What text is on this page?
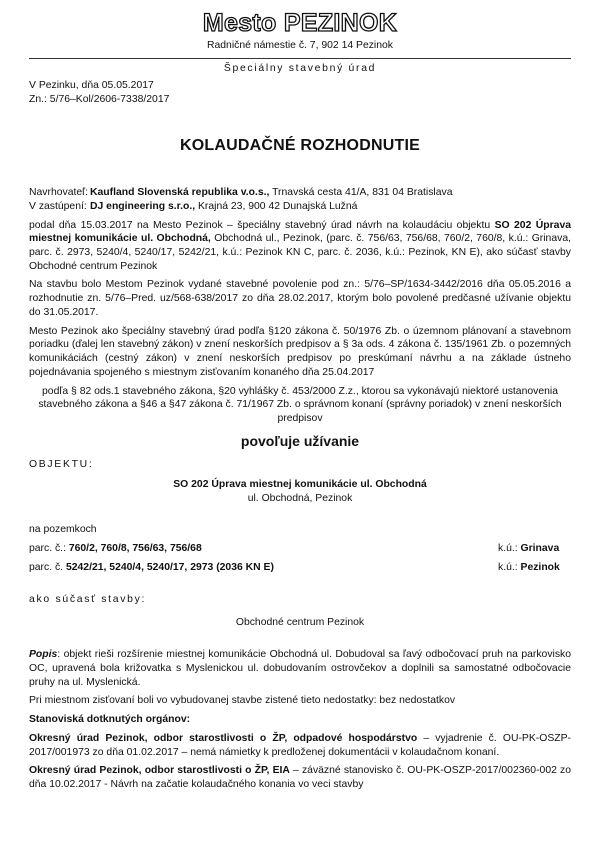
Mesto PEZINOK
Radničné námestie č. 7, 902 14 Pezinok
Špeciálny stavebný úrad
V Pezinku, dňa 05.05.2017
Zn.: 5/76–Kol/2606-7338/2017
KOLAUDAČNÉ ROZHODNUTIE
Navrhovateľ: Kaufland Slovenská republika v.o.s., Trnavská cesta 41/A, 831 04 Bratislava
V zastúpení: DJ engineering s.r.o., Krajná 23, 900 42 Dunajská Lužná

podal dňa 15.03.2017 na Mesto Pezinok – špeciálny stavebný úrad návrh na kolaudáciu objektu SO 202 Úprava miestnej komunikácie ul. Obchodná, Obchodná ul., Pezinok, (parc. č. 756/63, 756/68, 760/2, 760/8, k.ú.: Grinava, parc. č. 2973, 5240/4, 5240/17, 5242/21, k.ú.: Pezinok KN C, parc. č. 2036, k.ú.: Pezinok, KN E), ako súčasť stavby Obchodné centrum Pezinok

Na stavbu bolo Mestom Pezinok vydané stavebné povolenie pod zn.: 5/76–SP/1634-3442/2016 dňa 05.05.2016 a rozhodnutie zn. 5/76–Pred. uz/568-638/2017 zo dňa 28.02.2017, ktorým bolo povolené predčasné užívanie objektu do 31.05.2017.

Mesto Pezinok ako špeciálny stavebný úrad podľa §120 zákona č. 50/1976 Zb. o územnom plánovaní a stavebnom poriadku (ďalej len stavebný zákon) v znení neskorších predpisov a § 3a ods. 4 zákona č. 135/1961 Zb. o pozemných komunikáciách (cestný zákon) v znení neskorších predpisov po preskúmaní návrhu a na základe ústneho pojednávania spojeného s miestnym zisťovaním konaného dňa 25.04.2017

podľa § 82 ods.1 stavebného zákona, §20 vyhlášky č. 453/2000 Z.z., ktorou sa vykonávajú niektoré ustanovenia stavebného zákona a §46 a §47 zákona č. 71/1967 Zb. o správnom konaní (správny poriadok) v znení neskorších predpisov

povoľuje užívanie
OBJEKTU:
SO 202 Úprava miestnej komunikácie ul. Obchodná
ul. Obchodná, Pezinok
na pozemkoch
parc. č.: 760/2, 760/8, 756/63, 756/68	k.ú.: Grinava
parc. č. 5242/21, 5240/4, 5240/17, 2973 (2036 KN E)	k.ú.: Pezinok
ako súčasť stavby:
Obchodné centrum Pezinok

Popis: objekt rieši rozšírenie miestnej komunikácie Obchodná ul. Dobudoval sa ľavý odbočovací pruh na parkovisko OC, upravená bola križovatka s Myslenickou ul. dobudovaním ostrovčekov a doplnili sa samostatné odbočovacie pruhy na ul. Myslenická.

Pri miestnom zisťovaní boli vo vybudovanej stavbe zistené tieto nedostatky: bez nedostatkov

Stanoviská dotknutých orgánov:

Okresný úrad Pezinok, odbor starostlivosti o ŽP, odpadové hospodárstvo – vyjadrenie č. OU-PK-OSZP-2017/001973 zo dňa 01.02.2017 – nemá námietky k predloženej dokumentácii v kolaudačnom konaní.

Okresný úrad Pezinok, odbor starostlivosti o ŽP, EIA – záväzné stanovisko č. OU-PK-OSZP-2017/002360-002 zo dňa 10.02.2017 - Návrh na začatie kolaudačného konania vo veci stavby
